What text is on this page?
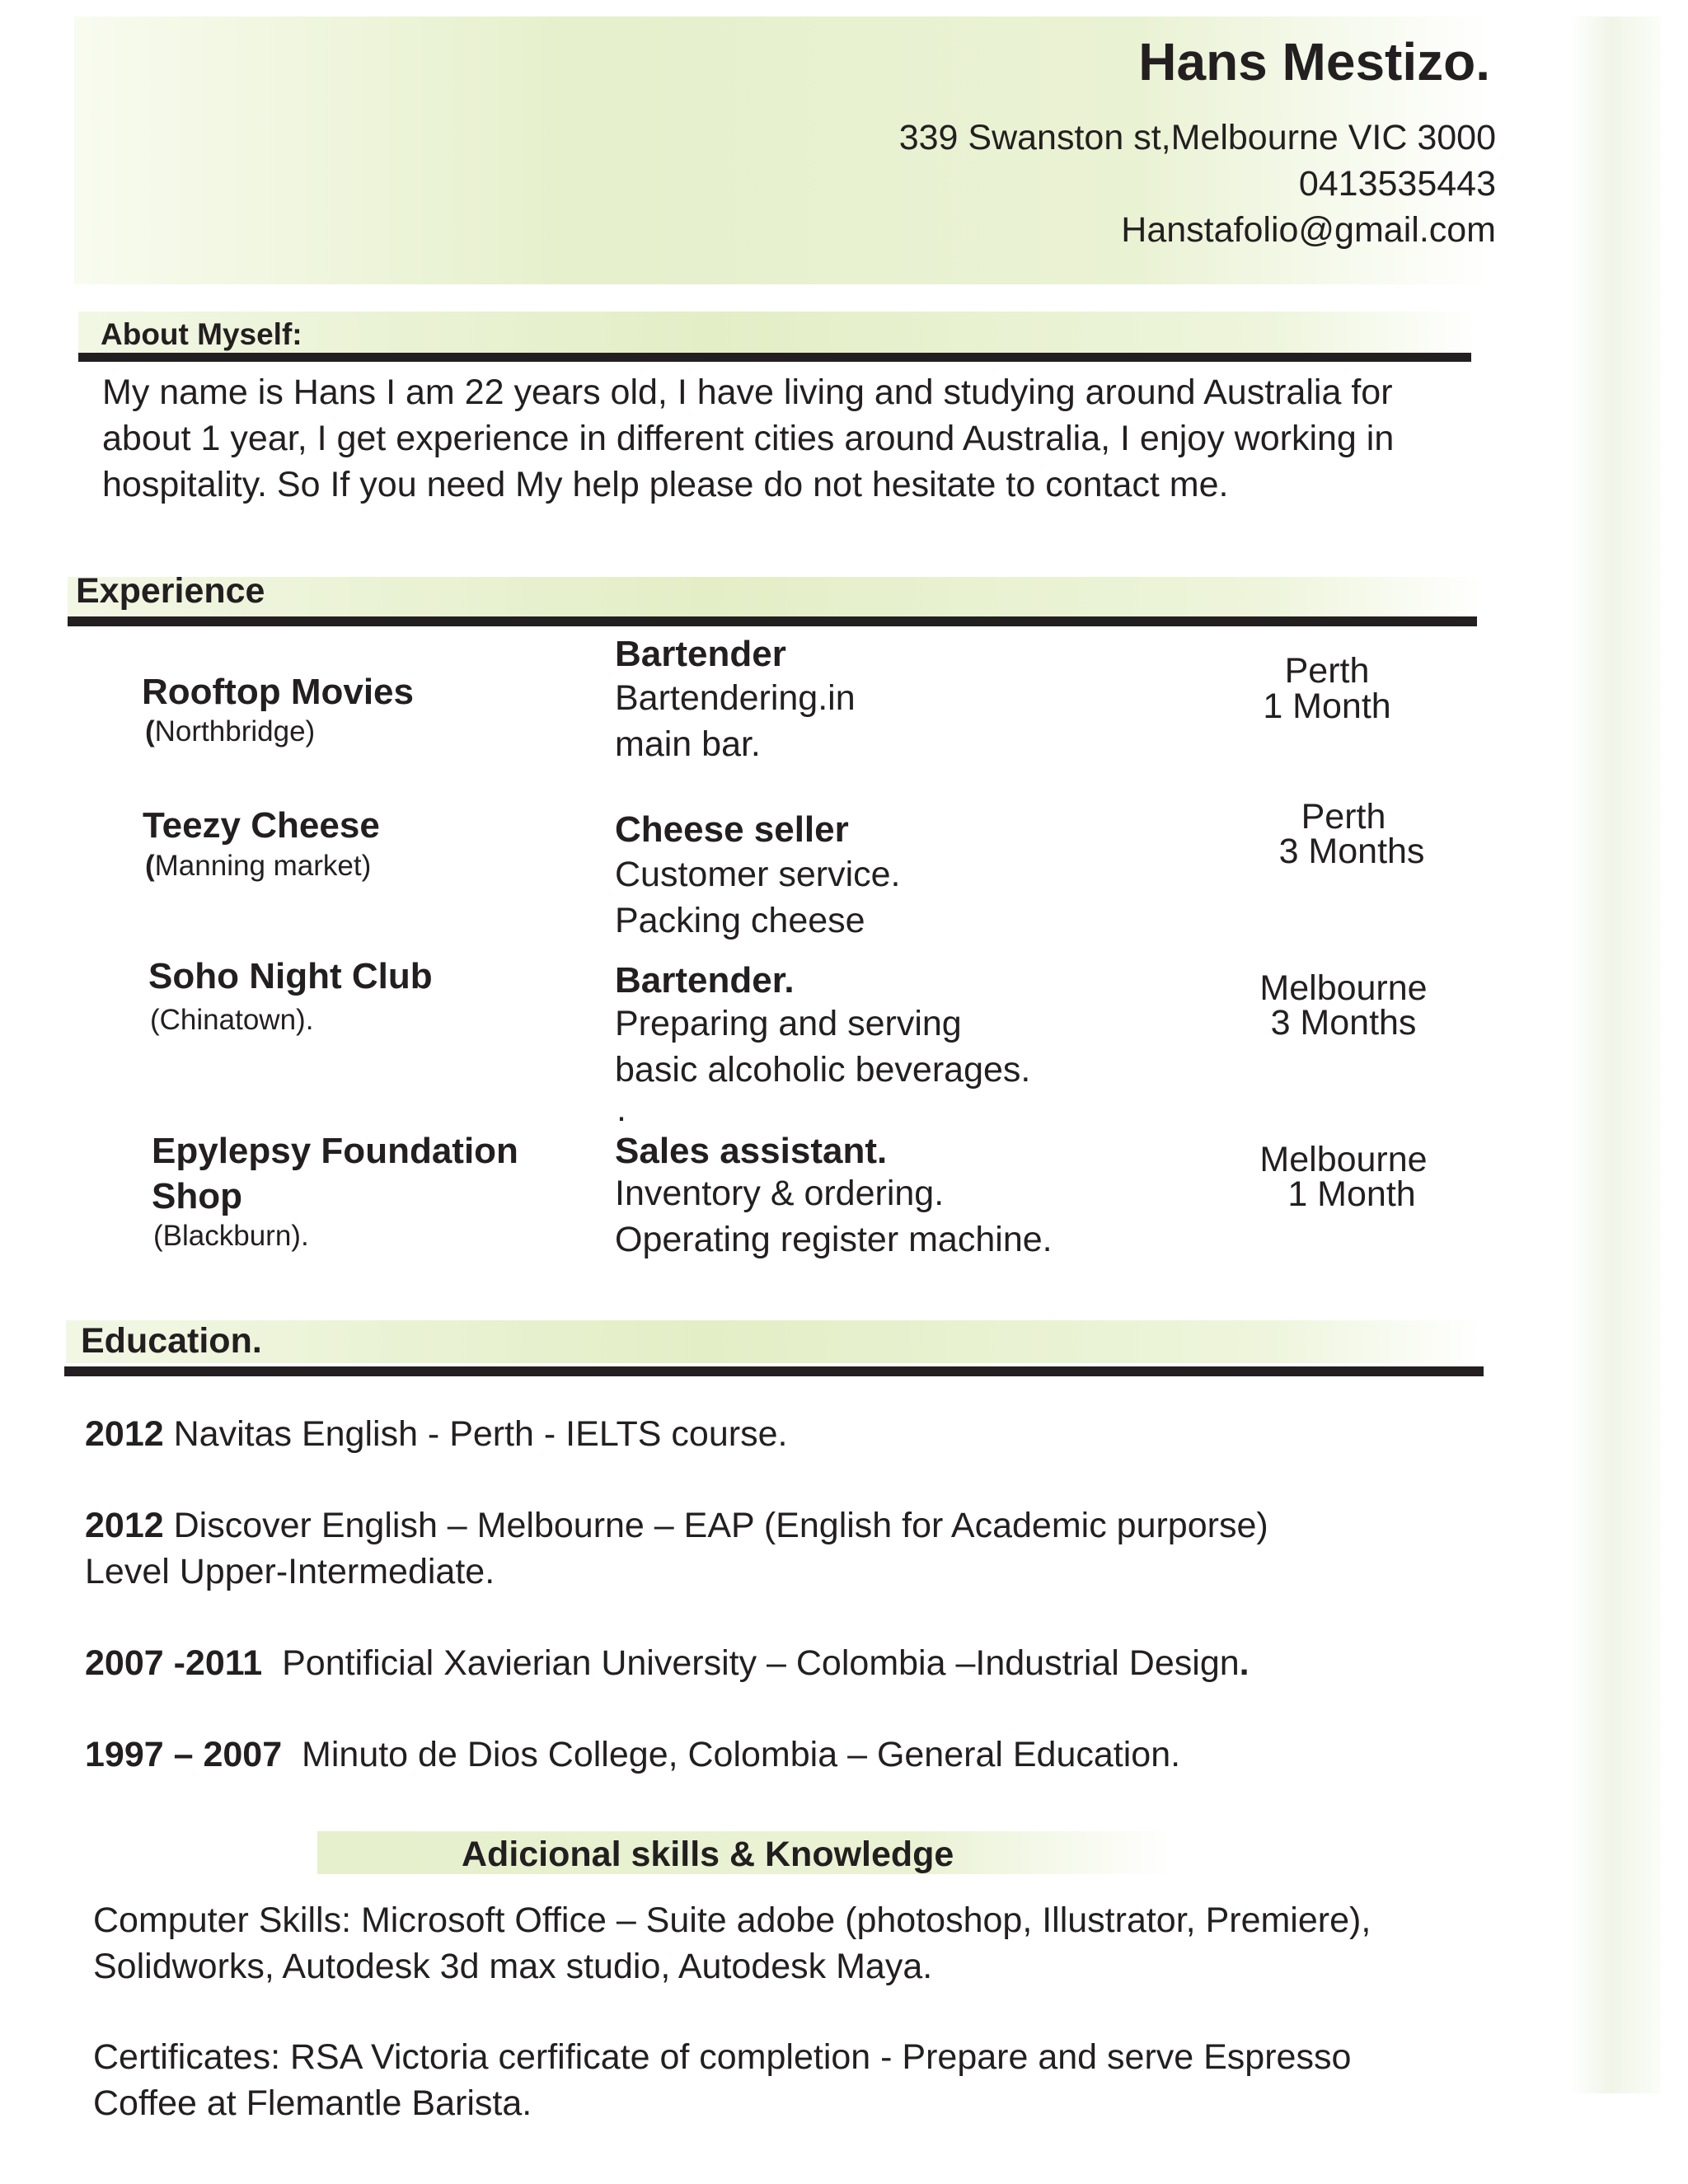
Hans Mestizo.
339 Swanston st,Melbourne VIC 3000
0413535443
Hanstafolio@gmail.com
About Myself:
My name is Hans I am 22 years old, I have living and studying around Australia for about 1 year, I get experience in different cities around Australia, I enjoy working in hospitality. So If you need My help please do not hesitate to contact me.
Experience
Rooftop Movies
(Northbridge)
Bartender
Bartendering.in
main bar.
Perth
1 Month
Teezy Cheese
(Manning market)
Cheese seller
Customer service.
Packing cheese
Perth
3 Months
Soho Night Club
(Chinatown).
Bartender.
Preparing and serving
basic alcoholic beverages.
Melbourne
3 Months
Epylepsy Foundation
Shop
(Blackburn).
.
Sales assistant.
Inventory & ordering.
Operating register machine.
Melbourne
1 Month
Education.
2012 Navitas English - Perth - IELTS course.
2012 Discover English – Melbourne – EAP (English for Academic purporse)
Level Upper-Intermediate.
2007 -2011 Pontificial Xavierian University – Colombia –Industrial Design.
1997 – 2007 Minuto de Dios College, Colombia – General Education.
Adicional skills & Knowledge
Computer Skills: Microsoft Office – Suite adobe (photoshop, Illustrator, Premiere),
Solidworks, Autodesk 3d max studio, Autodesk Maya.
Certificates: RSA Victoria cerfificate of completion - Prepare and serve Espresso
Coffee at Flemantle Barista.
